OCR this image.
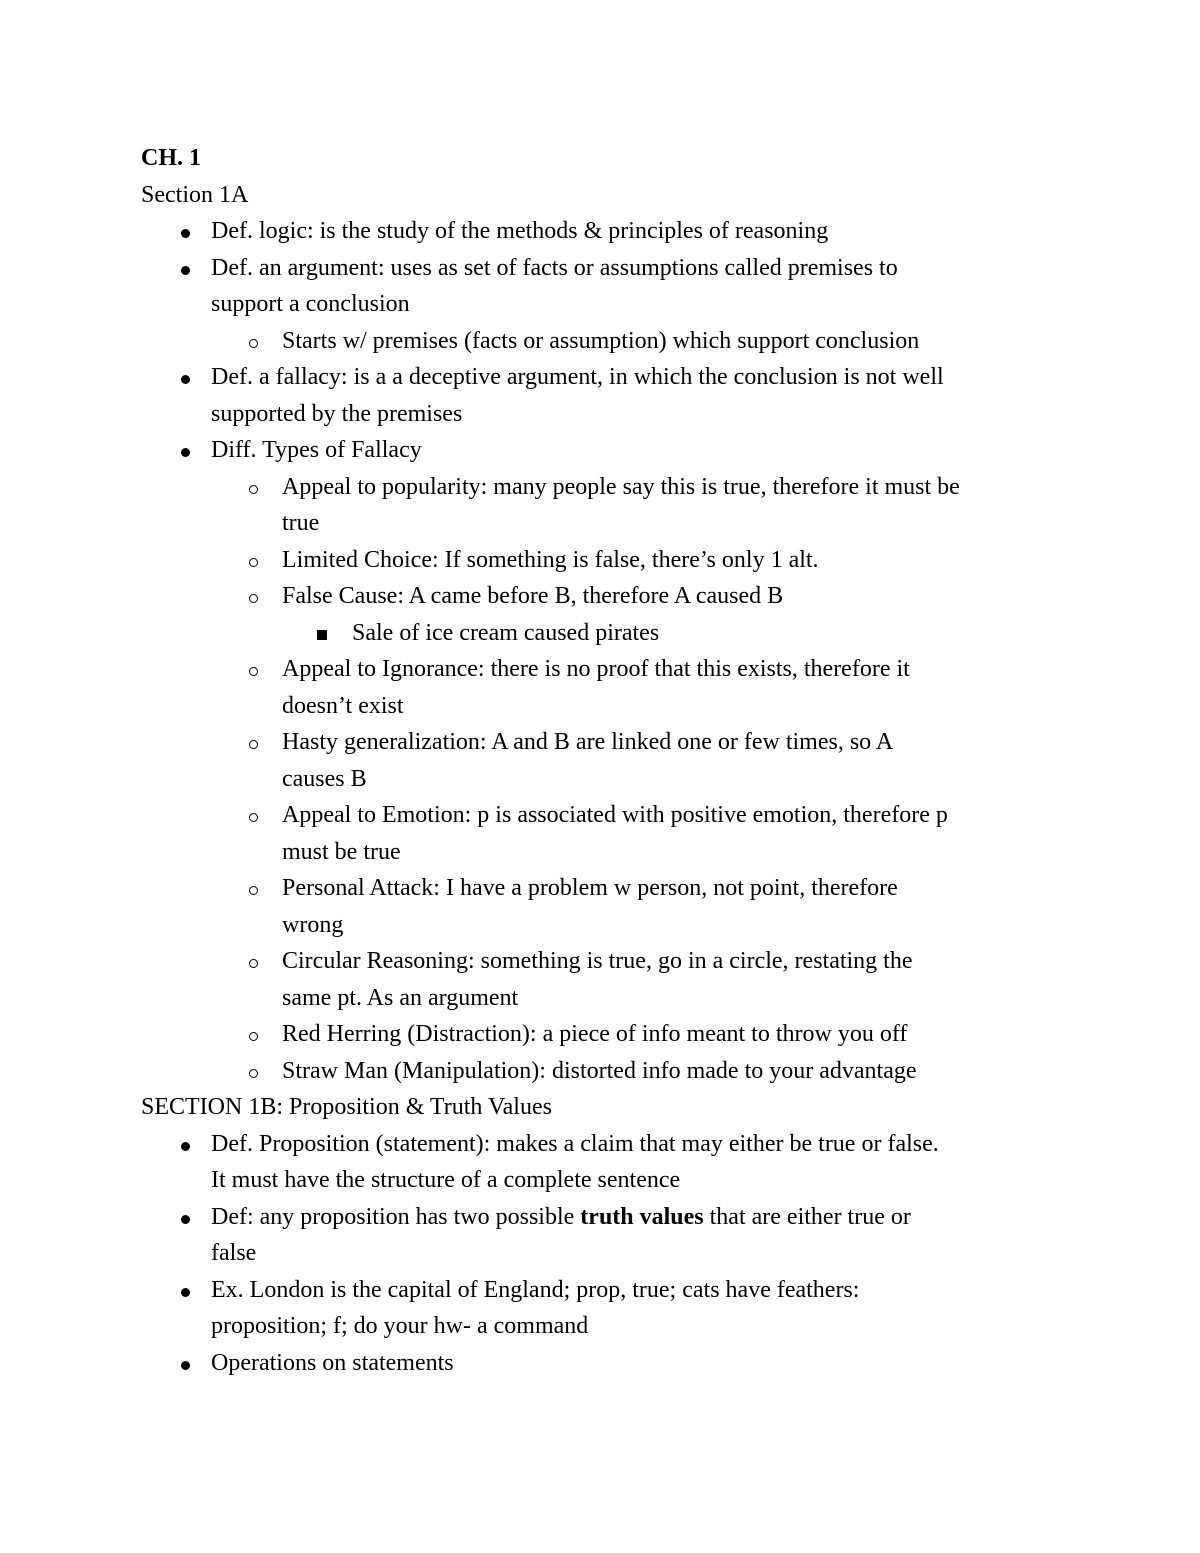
CH. 1
Section 1A
Def. logic: is the study of the methods & principles of reasoning
Def. an argument: uses as set of facts or assumptions called premises to
support a conclusion
Starts w/ premises (facts or assumption) which support conclusion
Def. a fallacy: is a a deceptive argument, in which the conclusion is not well
supported by the premises
Diff. Types of Fallacy
Appeal to popularity: many people say this is true, therefore it must be
true
Limited Choice: If something is false, there’s only 1 alt.
False Cause: A came before B, therefore A caused B
Sale of ice cream caused pirates
Appeal to Ignorance: there is no proof that this exists, therefore it
doesn’t exist
Hasty generalization: A and B are linked one or few times, so A
causes B
Appeal to Emotion: p is associated with positive emotion, therefore p
must be true
Personal Attack: I have a problem w person, not point, therefore
wrong
Circular Reasoning: something is true, go in a circle, restating the
same pt. As an argument
Red Herring (Distraction): a piece of info meant to throw you off
Straw Man (Manipulation): distorted info made to your advantage
SECTION 1B: Proposition & Truth Values
Def. Proposition (statement): makes a claim that may either be true or false.
It must have the structure of a complete sentence
Def: any proposition has two possible truth values that are either true or
false
Ex. London is the capital of England; prop, true; cats have feathers:
proposition; f; do your hw- a command
Operations on statements
